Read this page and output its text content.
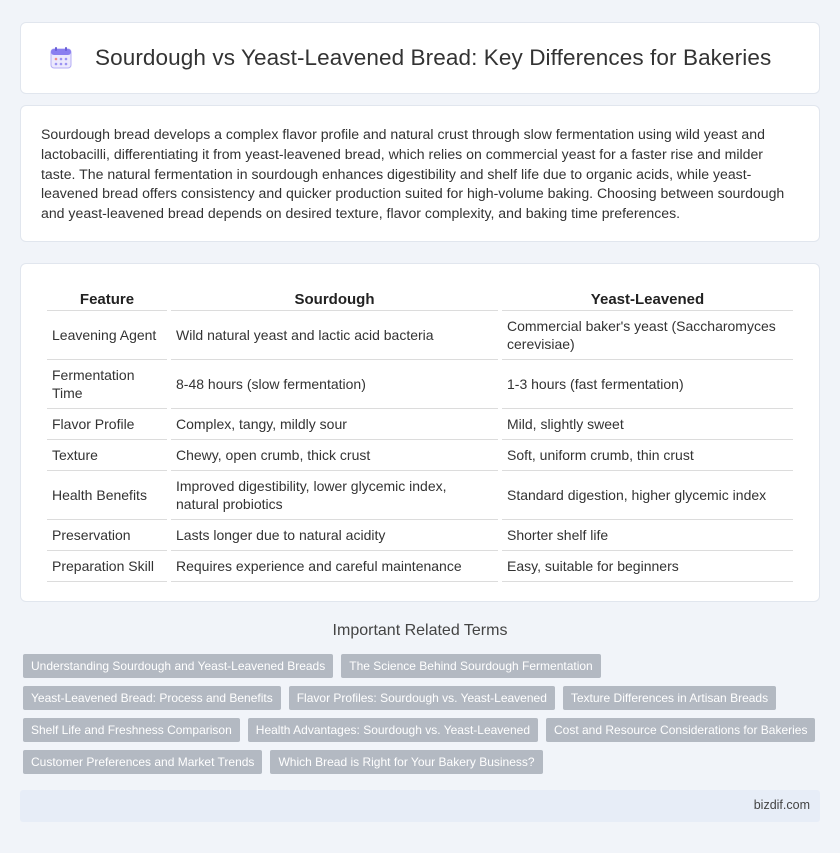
Sourdough vs Yeast-Leavened Bread: Key Differences for Bakeries

Sourdough bread develops a complex flavor profile and natural crust through slow fermentation using wild yeast and lactobacilli, differentiating it from yeast-leavened bread, which relies on commercial yeast for a faster rise and milder taste. The natural fermentation in sourdough enhances digestibility and shelf life due to organic acids, while yeast-leavened bread offers consistency and quicker production suited for high-volume baking. Choosing between sourdough and yeast-leavened bread depends on desired texture, flavor complexity, and baking time preferences.

Feature	Sourdough	Yeast-Leavened
Leavening Agent	Wild natural yeast and lactic acid bacteria	Commercial baker's yeast (Saccharomyces cerevisiae)
Fermentation Time	8-48 hours (slow fermentation)	1-3 hours (fast fermentation)
Flavor Profile	Complex, tangy, mildly sour	Mild, slightly sweet
Texture	Chewy, open crumb, thick crust	Soft, uniform crumb, thin crust
Health Benefits	Improved digestibility, lower glycemic index, natural probiotics	Standard digestion, higher glycemic index
Preservation	Lasts longer due to natural acidity	Shorter shelf life
Preparation Skill	Requires experience and careful maintenance	Easy, suitable for beginners
Important Related Terms
Understanding Sourdough and Yeast-Leavened Breads	The Science Behind Sourdough Fermentation
Yeast-Leavened Bread: Process and Benefits	Flavor Profiles: Sourdough vs. Yeast-Leavened	Texture Differences in Artisan Breads
Shelf Life and Freshness Comparison	Health Advantages: Sourdough vs. Yeast-Leavened	Cost and Resource Considerations for Bakeries
Customer Preferences and Market Trends	Which Bread is Right for Your Bakery Business?
bizdif.com
